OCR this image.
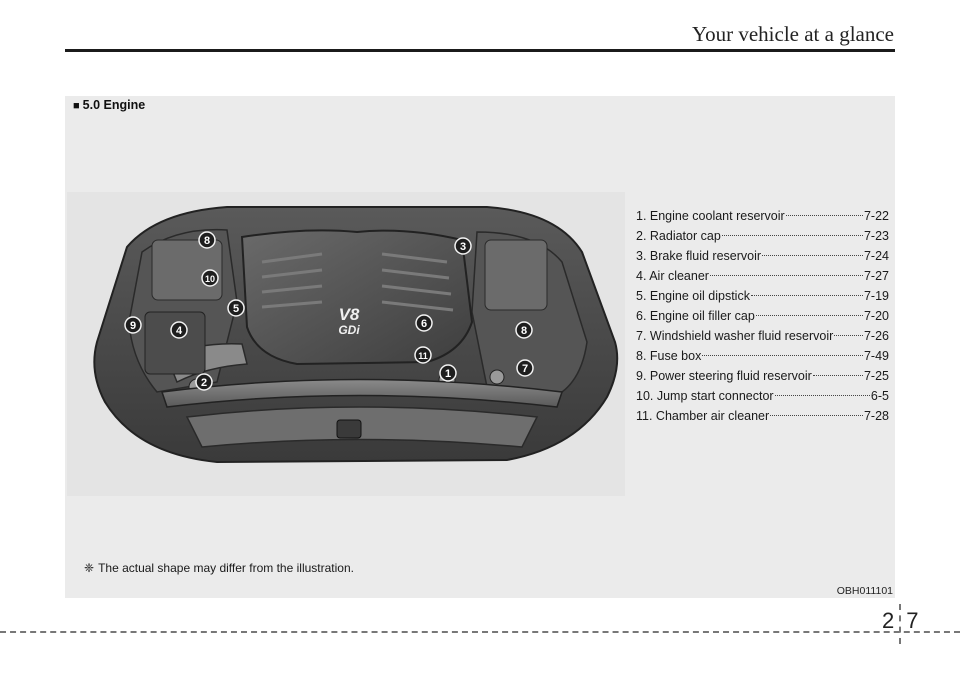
Your vehicle at a glance
■ 5.0 Engine
V8
GDi
8
10
5
9	4
2
3
6
8
11
1	7
1. Engine coolant reservoir	7-22
2. Radiator cap	7-23
3. Brake fluid reservoir	7-24
4. Air cleaner	7-27
5. Engine oil dipstick	7-19
6. Engine oil filler cap	7-20
7. Windshield washer fluid reservoir 7-26
8. Fuse box	7-49
9. Power steering fluid reservoir	7-25
10. Jump start connector	6-5
11. Chamber air cleaner	7-28
❈ The actual shape may differ from the illustration.
OBH011101
2 7
